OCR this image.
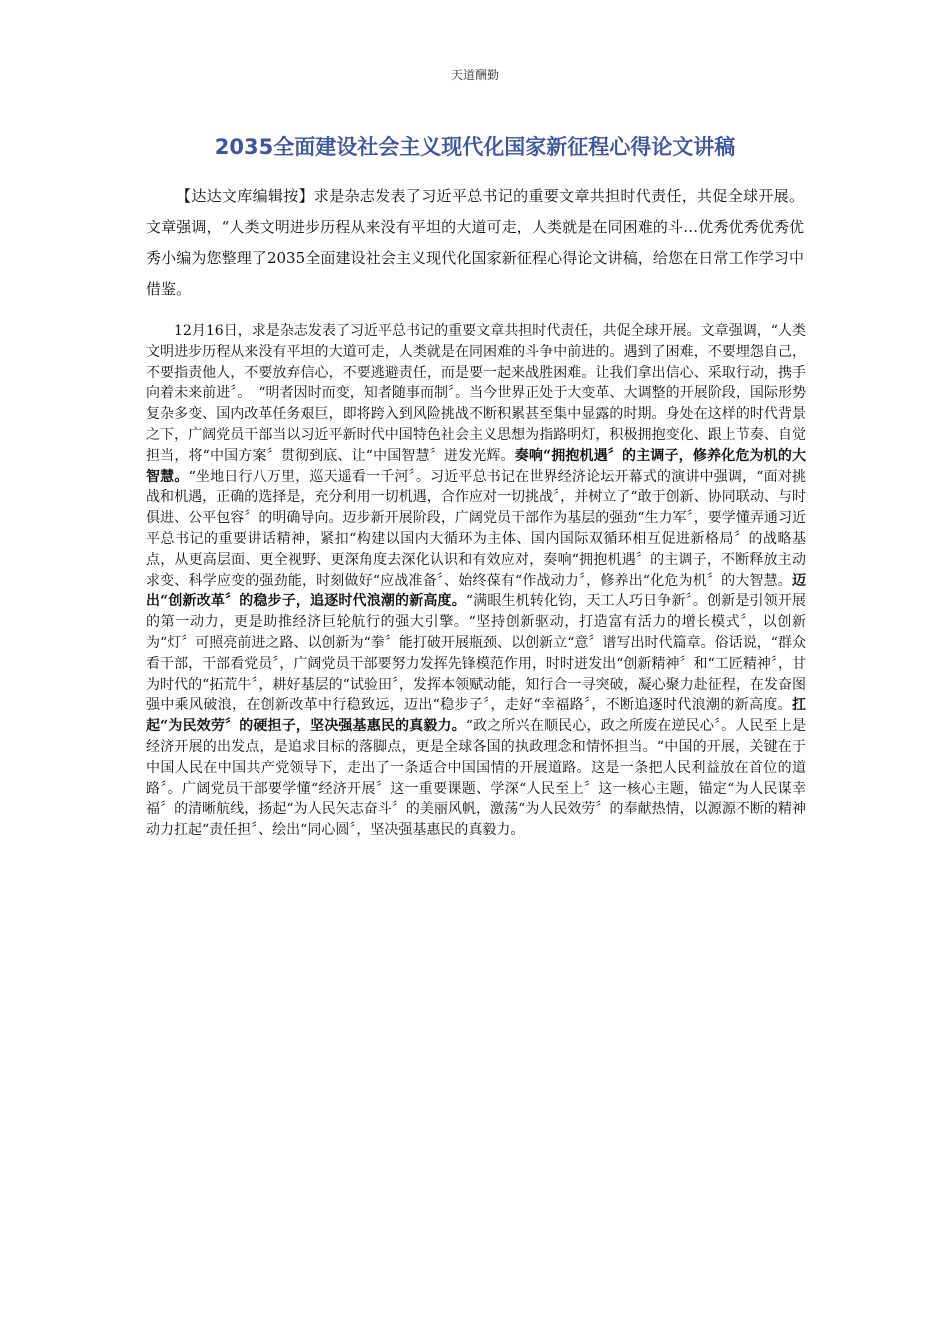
天道酬勤
2035全面建设社会主义现代化国家新征程心得论文讲稿

【达达文库编辑按】求是杂志发表了习近平总书记的重要文章共担时代责任，共促全球开展。文章强调，“人类文明进步历程从来没有平坦的大道可走，人类就是在同困难的斗…优秀优秀优秀优秀小编为您整理了2035全面建设社会主义现代化国家新征程心得论文讲稿，给您在日常工作学习中借鉴。

12月16日，求是杂志发表了习近平总书记的重要文章共担时代责任，共促全球开展。文章强调，“人类文明进步历程从来没有平坦的大道可走，人类就是在同困难的斗争中前进的。遇到了困难，不要埋怨自己，不要指责他人，不要放弃信心，不要逃避责任，而是要一起来战胜困难。让我们拿出信心、采取行动，携手向着未来前进〞。　“明者因时而变，知者随事而制〞。当今世界正处于大变革、大调整的开展阶段，国际形势复杂多变、国内改革任务艰巨，即将跨入到风险挑战不断积累甚至集中显露的时期。身处在这样的时代背景之下，广阔党员干部当以习近平新时代中国特色社会主义思想为指路明灯，积极拥抱变化、跟上节奏、自觉担当，将“中国方案〞贯彻到底、让“中国智慧〞迸发光辉。奏响“拥抱机遇〞的主调子，修养化危为机的大智慧。“坐地日行八万里，巡天遥看一千河〞。习近平总书记在世界经济论坛开幕式的演讲中强调，“面对挑战和机遇，正确的选择是，充分利用一切机遇，合作应对一切挑战〞，并树立了“敢于创新、协同联动、与时俱进、公平包容〞的明确导向。迈步新开展阶段，广阔党员干部作为基层的强劲“生力军〞，要学懂弄通习近平总书记的重要讲话精神，紧扣“构建以国内大循环为主体、国内国际双循环相互促进新格局〞的战略基点，从更高层面、更全视野、更深角度去深化认识和有效应对，奏响“拥抱机遇〞的主调子，不断释放主动求变、科学应变的强劲能，时刻做好“应战准备〞、始终葆有“作战动力〞，修养出“化危为机〞的大智慧。迈出“创新改革〞的稳步子，追逐时代浪潮的新高度。“满眼生机转化钧，天工人巧日争新〞。创新是引领开展的第一动力，更是助推经济巨轮航行的强大引擎。“坚持创新驱动，打造富有活力的增长模式〞，以创新为“灯〞可照亮前进之路、以创新为“拳〞能打破开展瓶颈、以创新立“意〞谱写出时代篇章。俗话说，“群众看干部，干部看党员〞，广阔党员干部要努力发挥先锋模范作用，时时迸发出“创新精神〞和“工匠精神〞，甘为时代的“拓荒牛〞，耕好基层的“试验田〞，发挥本领赋动能，知行合一寻突破，凝心聚力赴征程，在发奋图强中乘风破浪，在创新改革中行稳致远，迈出“稳步子〞，走好“幸福路〞，不断追逐时代浪潮的新高度。扛起“为民效劳〞的硬担子，坚决强基惠民的真毅力。“政之所兴在顺民心，政之所废在逆民心〞。人民至上是经济开展的出发点，是追求目标的落脚点，更是全球各国的执政理念和情怀担当。“中国的开展，关键在于中国人民在中国共产党领导下，走出了一条适合中国国情的开展道路。这是一条把人民利益放在首位的道路〞。广阔党员干部要学懂“经济开展〞这一重要课题、学深“人民至上〞这一核心主题，锚定“为人民谋幸福〞的清晰航线，扬起“为人民矢志奋斗〞的美丽风帆，激荡“为人民效劳〞的奉献热情，以源源不断的精神动力扛起“责任担〞、绘出“同心圆〞，坚决强基惠民的真毅力。
